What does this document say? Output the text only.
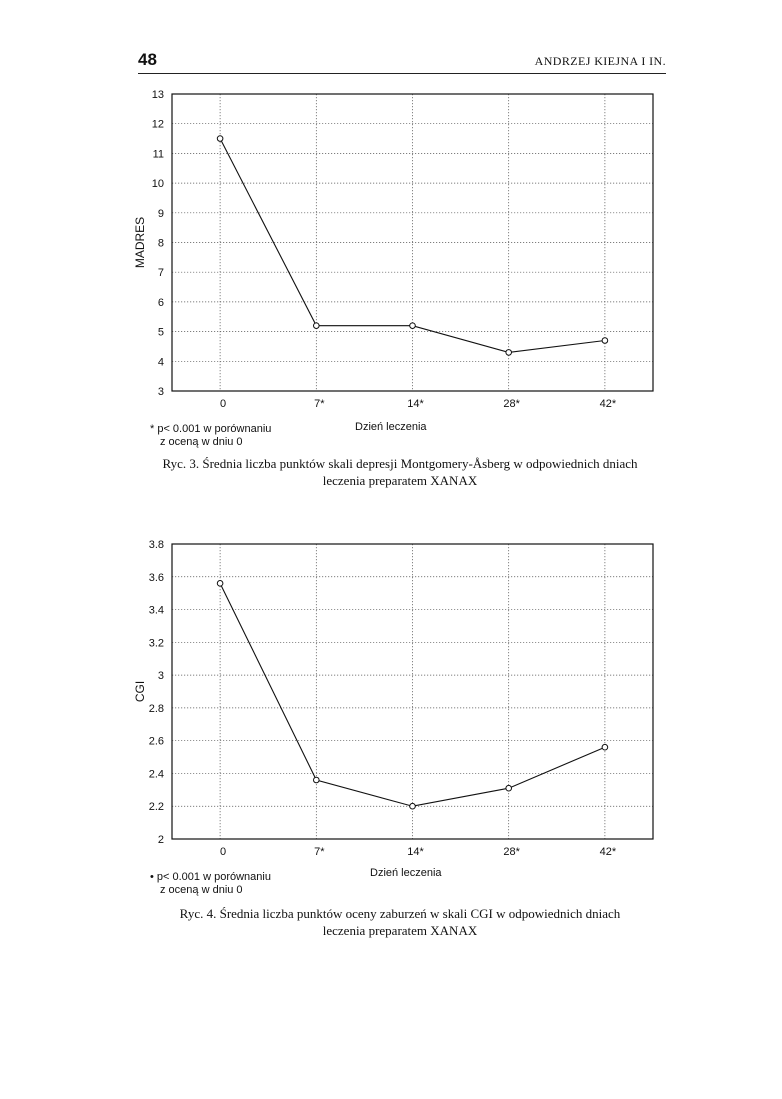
48	ANDRZEJ KIEJNA I IN.
3
4
5
6
7
8
9
10
11
12
13
0	7*	14*	28*	42*
MADRES
* p< 0.001 w porównaniu
z oceną w dniu 0
Dzień leczenia
Ryc. 3. Średnia liczba punktów skali depresji Montgomery-Åsberg w odpowiednich dniach
leczenia preparatem XANAX
2
2.2
2.4
2.6
2.8
3
3.2
3.4
3.6
3.8
0	7*	14*	28*	42*
CGI
• p< 0.001 w porównaniu
z oceną w dniu 0
Dzień leczenia
Ryc. 4. Średnia liczba punktów oceny zaburzeń w skali CGI w odpowiednich dniach
leczenia preparatem XANAX
